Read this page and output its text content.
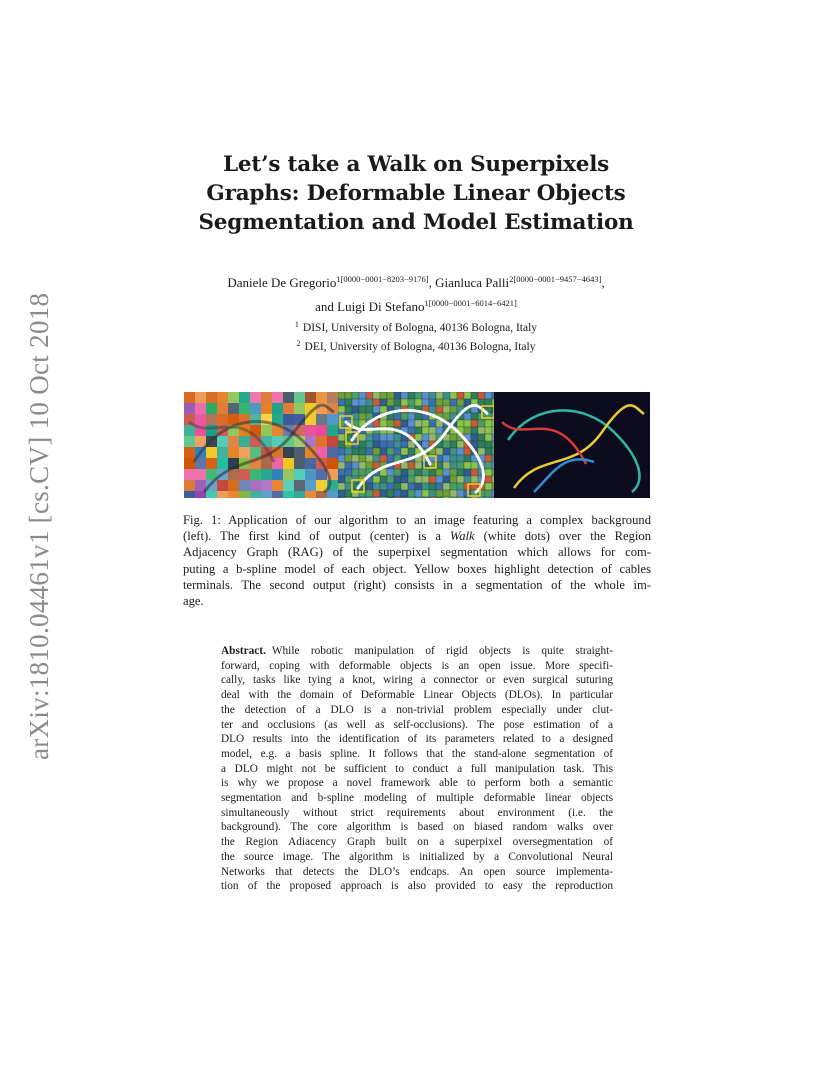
arXiv:1810.04461v1 [cs.CV] 10 Oct 2018
Let’s take a Walk on Superpixels
Graphs: Deformable Linear Objects
Segmentation and Model Estimation
Daniele De Gregorio$^{1[0000-0001-8203-9176]}$, Gianluca Palli$^{2[0000-0001-9457-4643]}$,
and Luigi Di Stefano$^{1[0000-0001-6014-6421]}$
$^1$ DISI, University of Bologna, 40136 Bologna, Italy
$^2$ DEI, University of Bologna, 40136 Bologna, Italy
Fig. 1: Application of our algorithm to an image featuring a complex background
(left). The first kind of output (center) is a Walk (white dots) over the Region
Adjacency Graph (RAG) of the superpixel segmentation which allows for com-
puting a b-spline model of each object. Yellow boxes highlight detection of cables
terminals. The second output (right) consists in a segmentation of the whole im-
age.
Abstract. While robotic manipulation of rigid objects is quite straight-
forward, coping with deformable objects is an open issue. More specifi-
cally, tasks like tying a knot, wiring a connector or even surgical suturing
deal with the domain of Deformable Linear Objects (DLOs). In particular
the detection of a DLO is a non-trivial problem especially under clut-
ter and occlusions (as well as self-occlusions). The pose estimation of a
DLO results into the identification of its parameters related to a designed
model, e.g. a basis spline. It follows that the stand-alone segmentation of
a DLO might not be sufficient to conduct a full manipulation task. This
is why we propose a novel framework able to perform both a semantic
segmentation and b-spline modeling of multiple deformable linear objects
simultaneously without strict requirements about environment (i.e. the
background). The core algorithm is based on biased random walks over
the Region Adiacency Graph built on a superpixel oversegmentation of
the source image. The algorithm is initialized by a Convolutional Neural
Networks that detects the DLO’s endcaps. An open source implementa-
tion of the proposed approach is also provided to easy the reproduction
